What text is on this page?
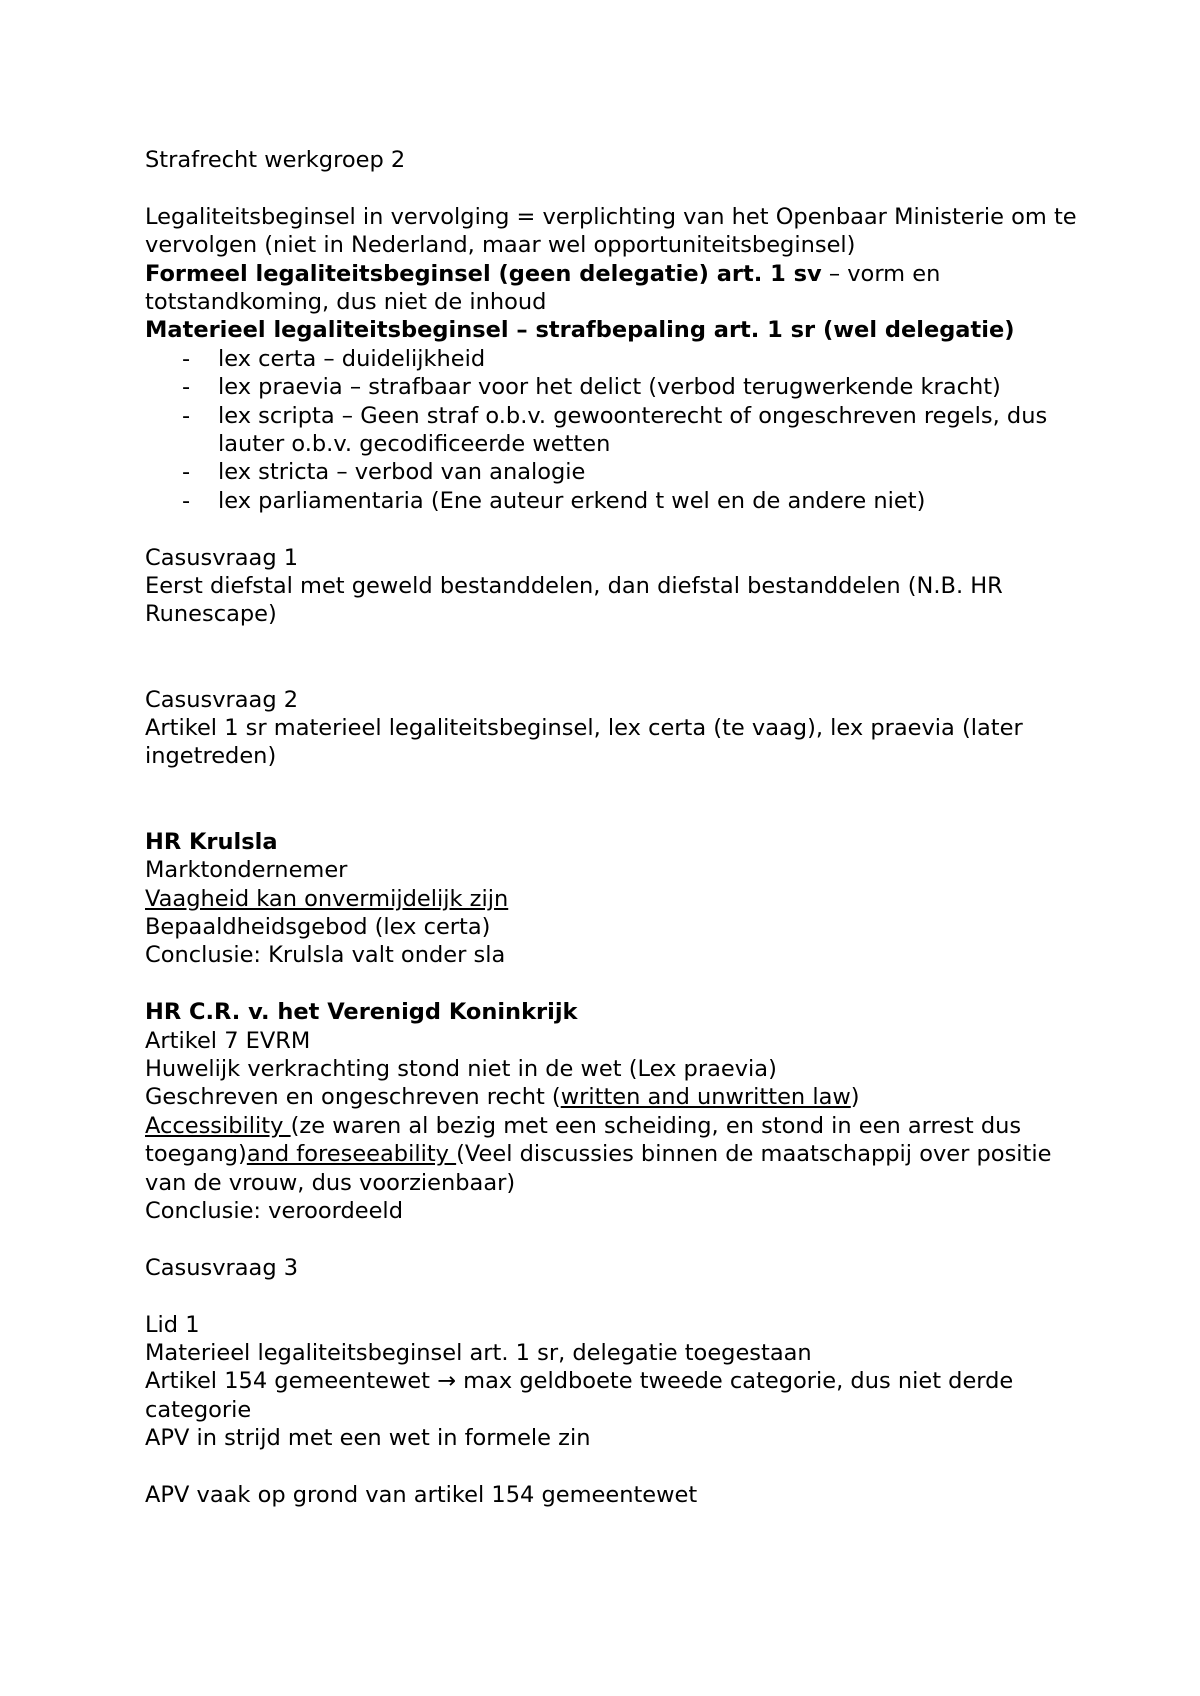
Strafrecht werkgroep 2

Legaliteitsbeginsel in vervolging = verplichting van het Openbaar Ministerie om te vervolgen (niet in Nederland, maar wel opportuniteitsbeginsel)

Formeel legaliteitsbeginsel (geen delegatie) art. 1 sv – vorm en totstandkoming, dus niet de inhoud

Materieel legaliteitsbeginsel – strafbepaling art. 1 sr (wel delegatie)

- lex certa – duidelijkheid
- lex praevia – strafbaar voor het delict (verbod terugwerkende kracht)
- lex scripta – Geen straf o.b.v. gewoonterecht of ongeschreven regels, dus lauter o.b.v. gecodificeerde wetten
- lex stricta – verbod van analogie
- lex parliamentaria (Ene auteur erkend t wel en de andere niet)

Casusvraag 1

Eerst diefstal met geweld bestanddelen, dan diefstal bestanddelen (N.B. HR Runescape)

Casusvraag 2

Artikel 1 sr materieel legaliteitsbeginsel, lex certa (te vaag), lex praevia (later ingetreden)

HR Krulsla

Marktondernemer

Vaagheid kan onvermijdelijk zijn

Bepaaldheidsgebod (lex certa)

Conclusie: Krulsla valt onder sla

HR C.R. v. het Verenigd Koninkrijk

Artikel 7 EVRM

Huwelijk verkrachting stond niet in de wet (Lex praevia)

Geschreven en ongeschreven recht (written and unwritten law)

Accessibility (ze waren al bezig met een scheiding, en stond in een arrest dus toegang)and foreseeability (Veel discussies binnen de maatschappij over positie van de vrouw, dus voorzienbaar)

Conclusie: veroordeeld

Casusvraag 3

Lid 1

Materieel legaliteitsbeginsel art. 1 sr, delegatie toegestaan

Artikel 154 gemeentewet → max geldboete tweede categorie, dus niet derde categorie

APV in strijd met een wet in formele zin

APV vaak op grond van artikel 154 gemeentewet
